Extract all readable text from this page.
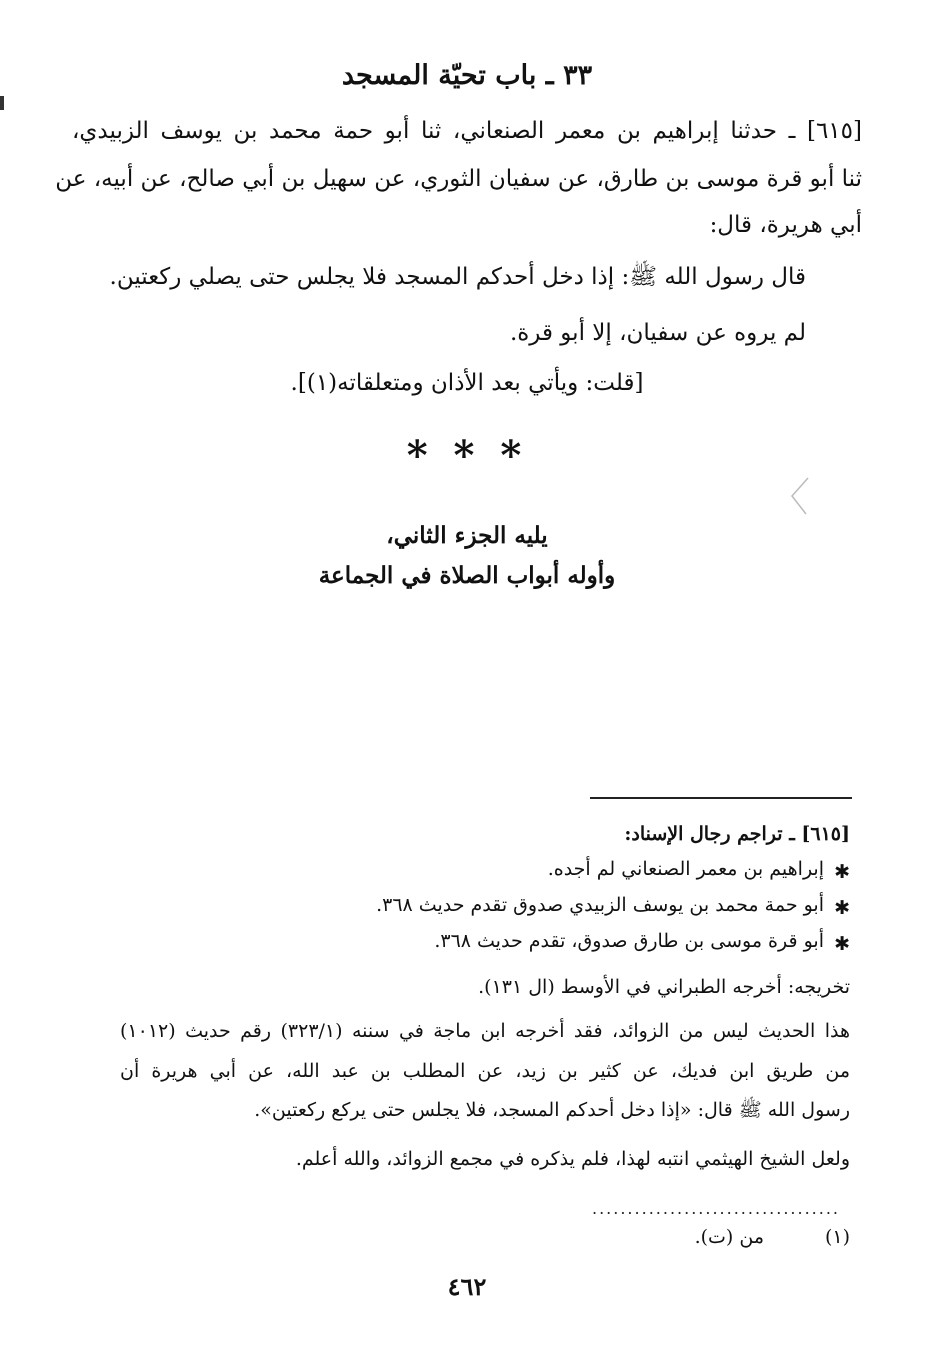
٣٣ ـ باب تحيّة المسجد
[٦١٥] ـ حدثنا إبراهيم بن معمر الصنعاني، ثنا أبو حمة محمد بن يوسف الزبيدي،
ثنا أبو قرة موسى بن طارق، عن سفيان الثوري، عن سهيل بن أبي صالح، عن أبيه، عن
أبي هريرة، قال:
قال رسول الله ﷺ: إذا دخل أحدكم المسجد فلا يجلس حتى يصلي ركعتين.
لم يروه عن سفيان، إلا أبو قرة.
[قلت: ويأتي بعد الأذان ومتعلقاته(١)].
* * *
يليه الجزء الثاني،
وأوله أبواب الصلاة في الجماعة
[٦١٥] ـ تراجم رجال الإسناد:
✱
إبراهيم بن معمر الصنعاني لم أجده.
✱
أبو حمة محمد بن يوسف الزبيدي صدوق تقدم حديث ٣٦٨.
✱
أبو قرة موسى بن طارق صدوق، تقدم حديث ٣٦٨.
تخريجه: أخرجه الطبراني في الأوسط (ال ١٣١).
هذا الحديث ليس من الزوائد، فقد أخرجه ابن ماجة في سننه (٣٢٣/١) رقم حديث (١٠١٢)
من طريق ابن فديك، عن كثير بن زيد، عن المطلب بن عبد الله، عن أبي هريرة أن
رسول الله ﷺ قال: «إذا دخل أحدكم المسجد، فلا يجلس حتى يركع ركعتين».
ولعل الشيخ الهيثمي انتبه لهذا، فلم يذكره في مجمع الزوائد، والله أعلم.
...................................
(١)
من (ت).
٤٦٢
